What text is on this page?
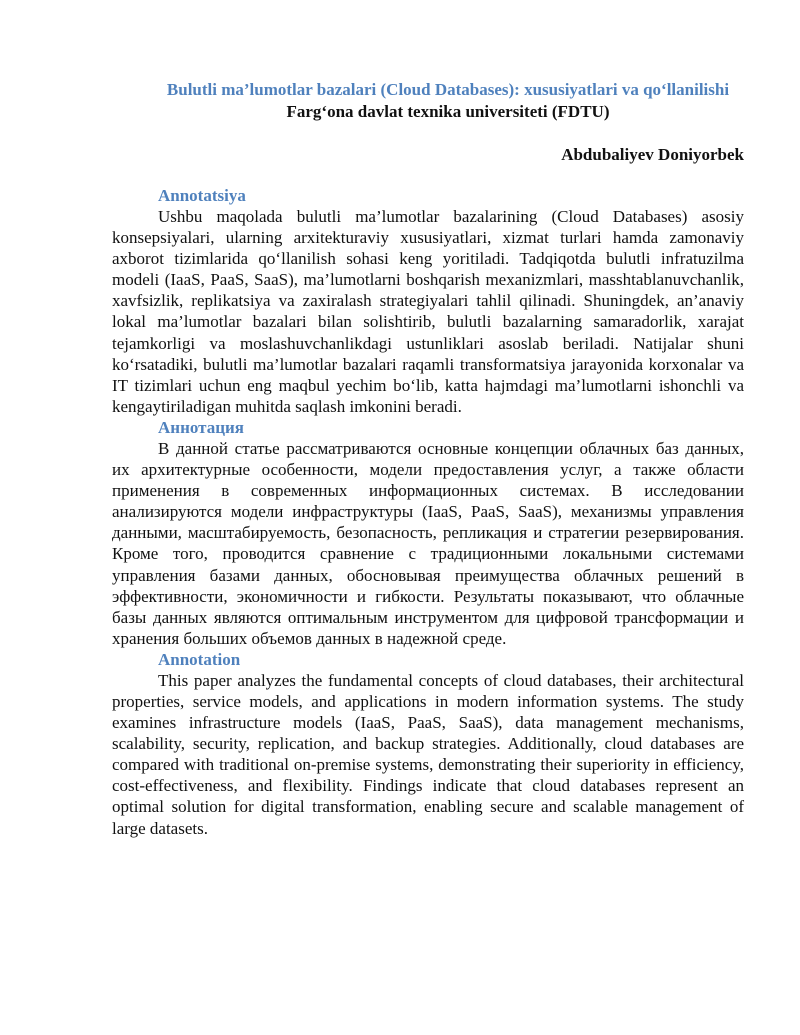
Bulutli ma’lumotlar bazalari (Cloud Databases): xususiyatlari va qo‘llanilishi
Farg‘ona davlat texnika universiteti (FDTU)
Abdubaliyev Doniyorbek
Annotatsiya

Ushbu maqolada bulutli ma’lumotlar bazalarining (Cloud Databases) asosiy konsepsiyalari, ularning arxitekturaviy xususiyatlari, xizmat turlari hamda zamonaviy axborot tizimlarida qo‘llanilish sohasi keng yoritiladi. Tadqiqotda bulutli infratuzilma modeli (IaaS, PaaS, SaaS), ma’lumotlarni boshqarish mexanizmlari, masshtablanuvchanlik, xavfsizlik, replikatsiya va zaxiralash strategiyalari tahlil qilinadi. Shuningdek, an’anaviy lokal ma’lumotlar bazalari bilan solishtirib, bulutli bazalarning samaradorlik, xarajat tejamkorligi va moslashuvchanlikdagi ustunliklari asoslab beriladi. Natijalar shuni ko‘rsatadiki, bulutli ma’lumotlar bazalari raqamli transformatsiya jarayonida korxonalar va IT tizimlari uchun eng maqbul yechim bo‘lib, katta hajmdagi ma’lumotlarni ishonchli va kengaytiriladigan muhitda saqlash imkonini beradi.

Аннотация

В данной статье рассматриваются основные концепции облачных баз данных, их архитектурные особенности, модели предоставления услуг, а также области применения в современных информационных системах. В исследовании анализируются модели инфраструктуры (IaaS, PaaS, SaaS), механизмы управления данными, масштабируемость, безопасность, репликация и стратегии резервирования. Кроме того, проводится сравнение с традиционными локальными системами управления базами данных, обосновывая преимущества облачных решений в эффективности, экономичности и гибкости. Результаты показывают, что облачные базы данных являются оптимальным инструментом для цифровой трансформации и хранения больших объемов данных в надежной среде.

Annotation

This paper analyzes the fundamental concepts of cloud databases, their architectural properties, service models, and applications in modern information systems. The study examines infrastructure models (IaaS, PaaS, SaaS), data management mechanisms, scalability, security, replication, and backup strategies. Additionally, cloud databases are compared with traditional on-premise systems, demonstrating their superiority in efficiency, cost-effectiveness, and flexibility. Findings indicate that cloud databases represent an optimal solution for digital transformation, enabling secure and scalable management of large datasets.
